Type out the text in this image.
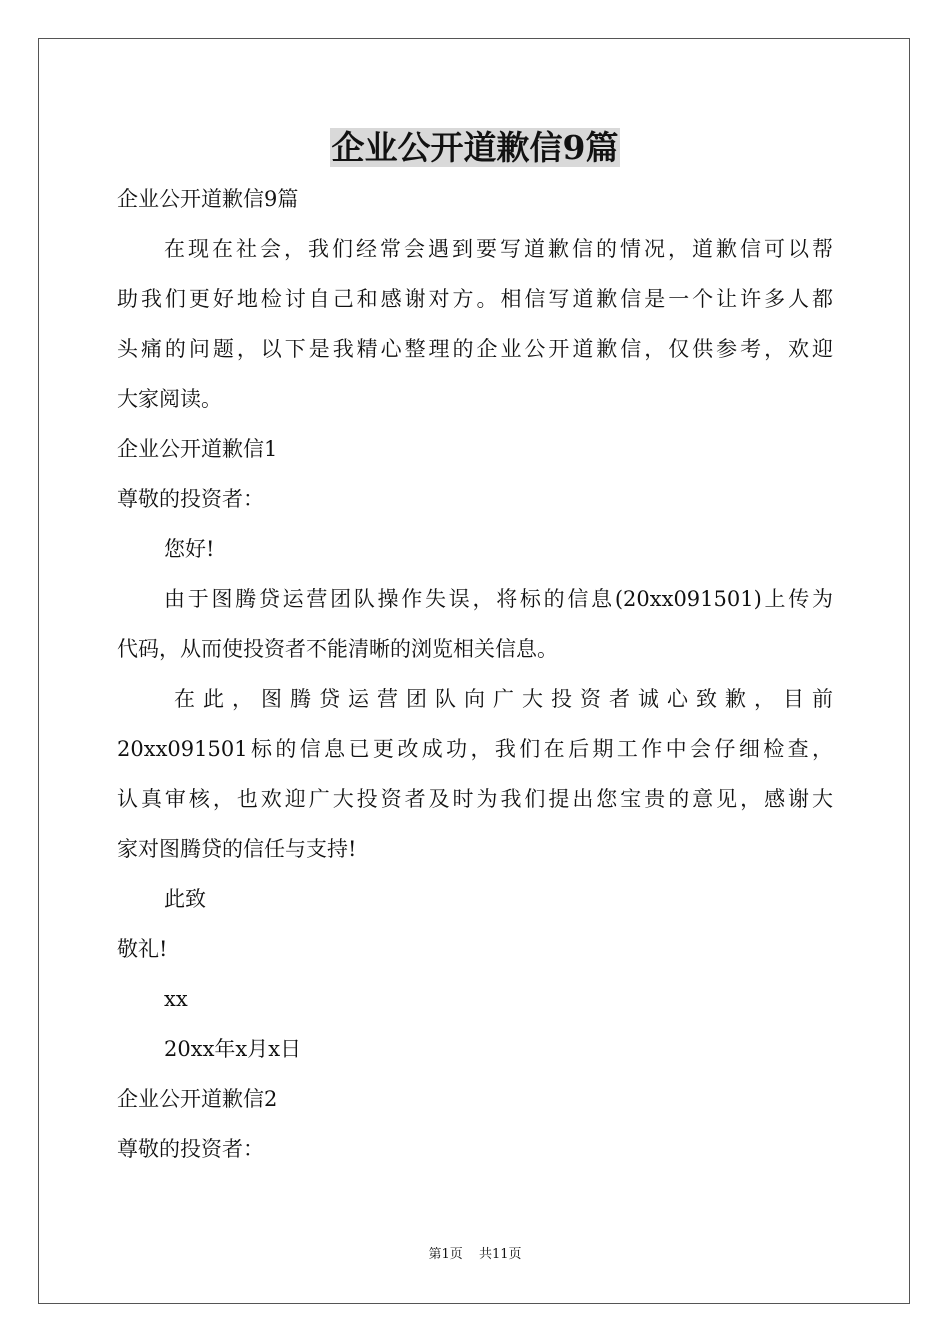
企业公开道歉信9篇
企业公开道歉信9篇
在现在社会，我们经常会遇到要写道歉信的情况，道歉信可以帮
助我们更好地检讨自己和感谢对方。相信写道歉信是一个让许多人都
头痛的问题，以下是我精心整理的企业公开道歉信，仅供参考，欢迎
大家阅读。
企业公开道歉信1
尊敬的投资者：
您好!
由于图腾贷运营团队操作失误，将标的信息(20xx091501)上传为
代码，从而使投资者不能清晰的浏览相关信息。
在 此 ， 图 腾 贷 运 营 团 队 向 广 大 投 资 者 诚 心 致 歉 ， 目 前
20xx091501标的信息已更改成功，我们在后期工作中会仔细检查，
认真审核，也欢迎广大投资者及时为我们提出您宝贵的意见，感谢大
家对图腾贷的信任与支持!
此致
敬礼!
xx
20xx年x月x日
企业公开道歉信2
尊敬的投资者：
第1页 共11页
